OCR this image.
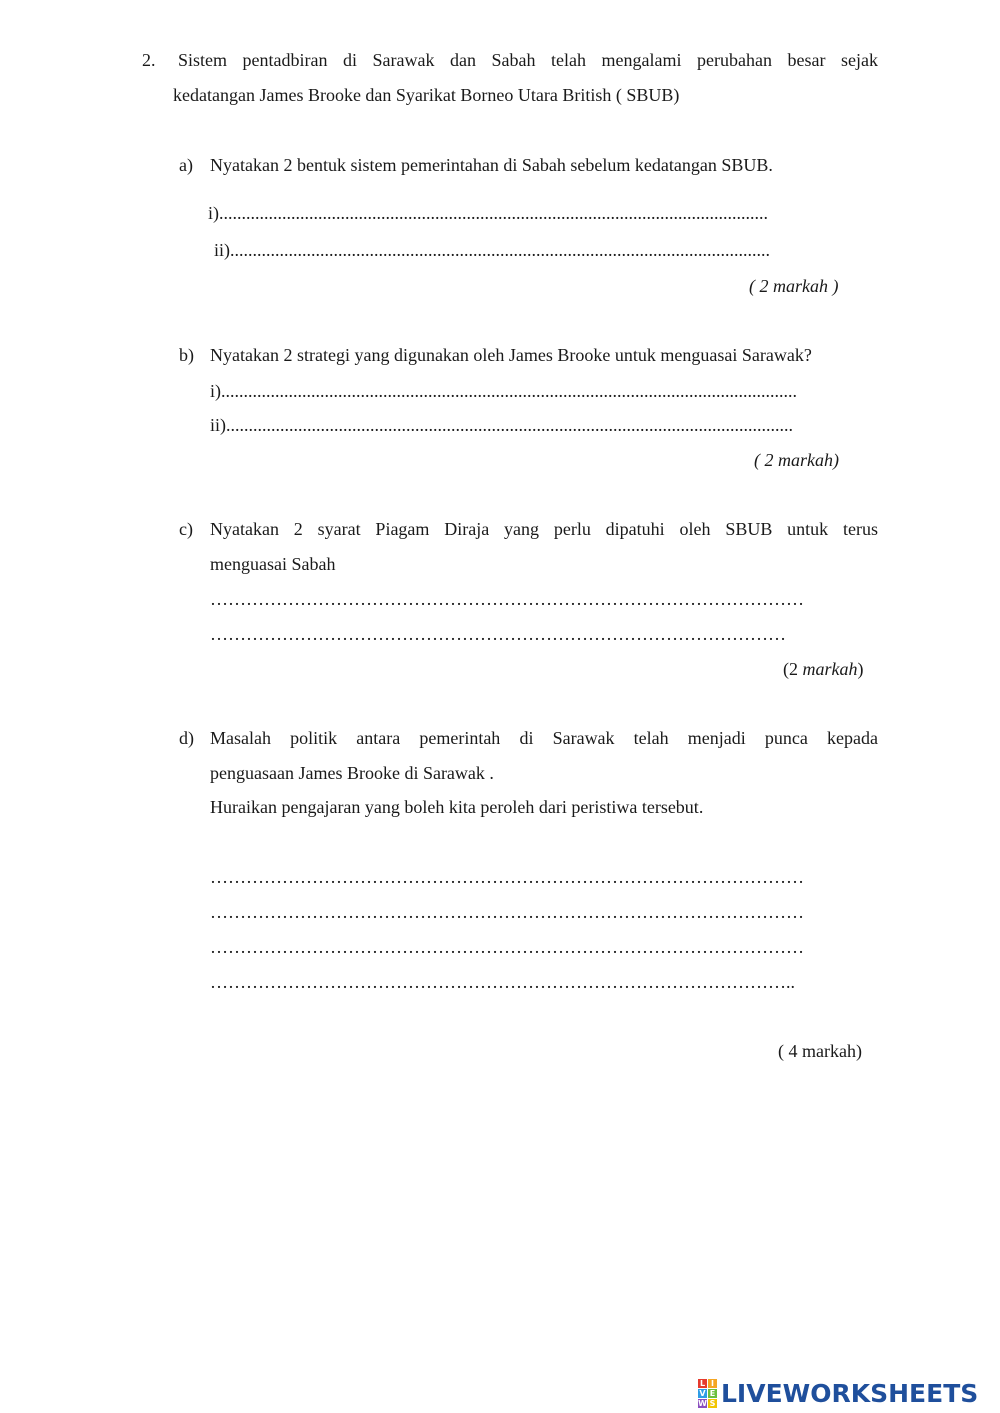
2. Sistem pentadbiran di Sarawak dan Sabah telah mengalami perubahan besar sejak
kedatangan James Brooke dan Syarikat Borneo Utara British ( SBUB)
a) Nyatakan 2 bentuk sistem pemerintahan di Sabah sebelum kedatangan SBUB.
i)..........................................................................................................................
ii)........................................................................................................................
( 2 markah )
b) Nyatakan 2 strategi yang digunakan oleh James Brooke untuk menguasai Sarawak?
i)................................................................................................................................
ii)..............................................................................................................................
( 2 markah)
c) Nyatakan 2 syarat Piagam Diraja yang perlu dipatuhi oleh SBUB untuk terus
menguasai Sabah
………………………………………………………………………………………
……………………………………………………………………………………
(2 markah)
d) Masalah politik antara pemerintah di Sarawak telah menjadi punca kepada
penguasaan James Brooke di Sarawak .
Huraikan pengajaran yang boleh kita peroleh dari peristiwa tersebut.
………………………………………………………………………………………
………………………………………………………………………………………
………………………………………………………………………………………
……………………………………………………………………………………..
( 4 markah)
L I
V E
W S LIVEWORKSHEETS
